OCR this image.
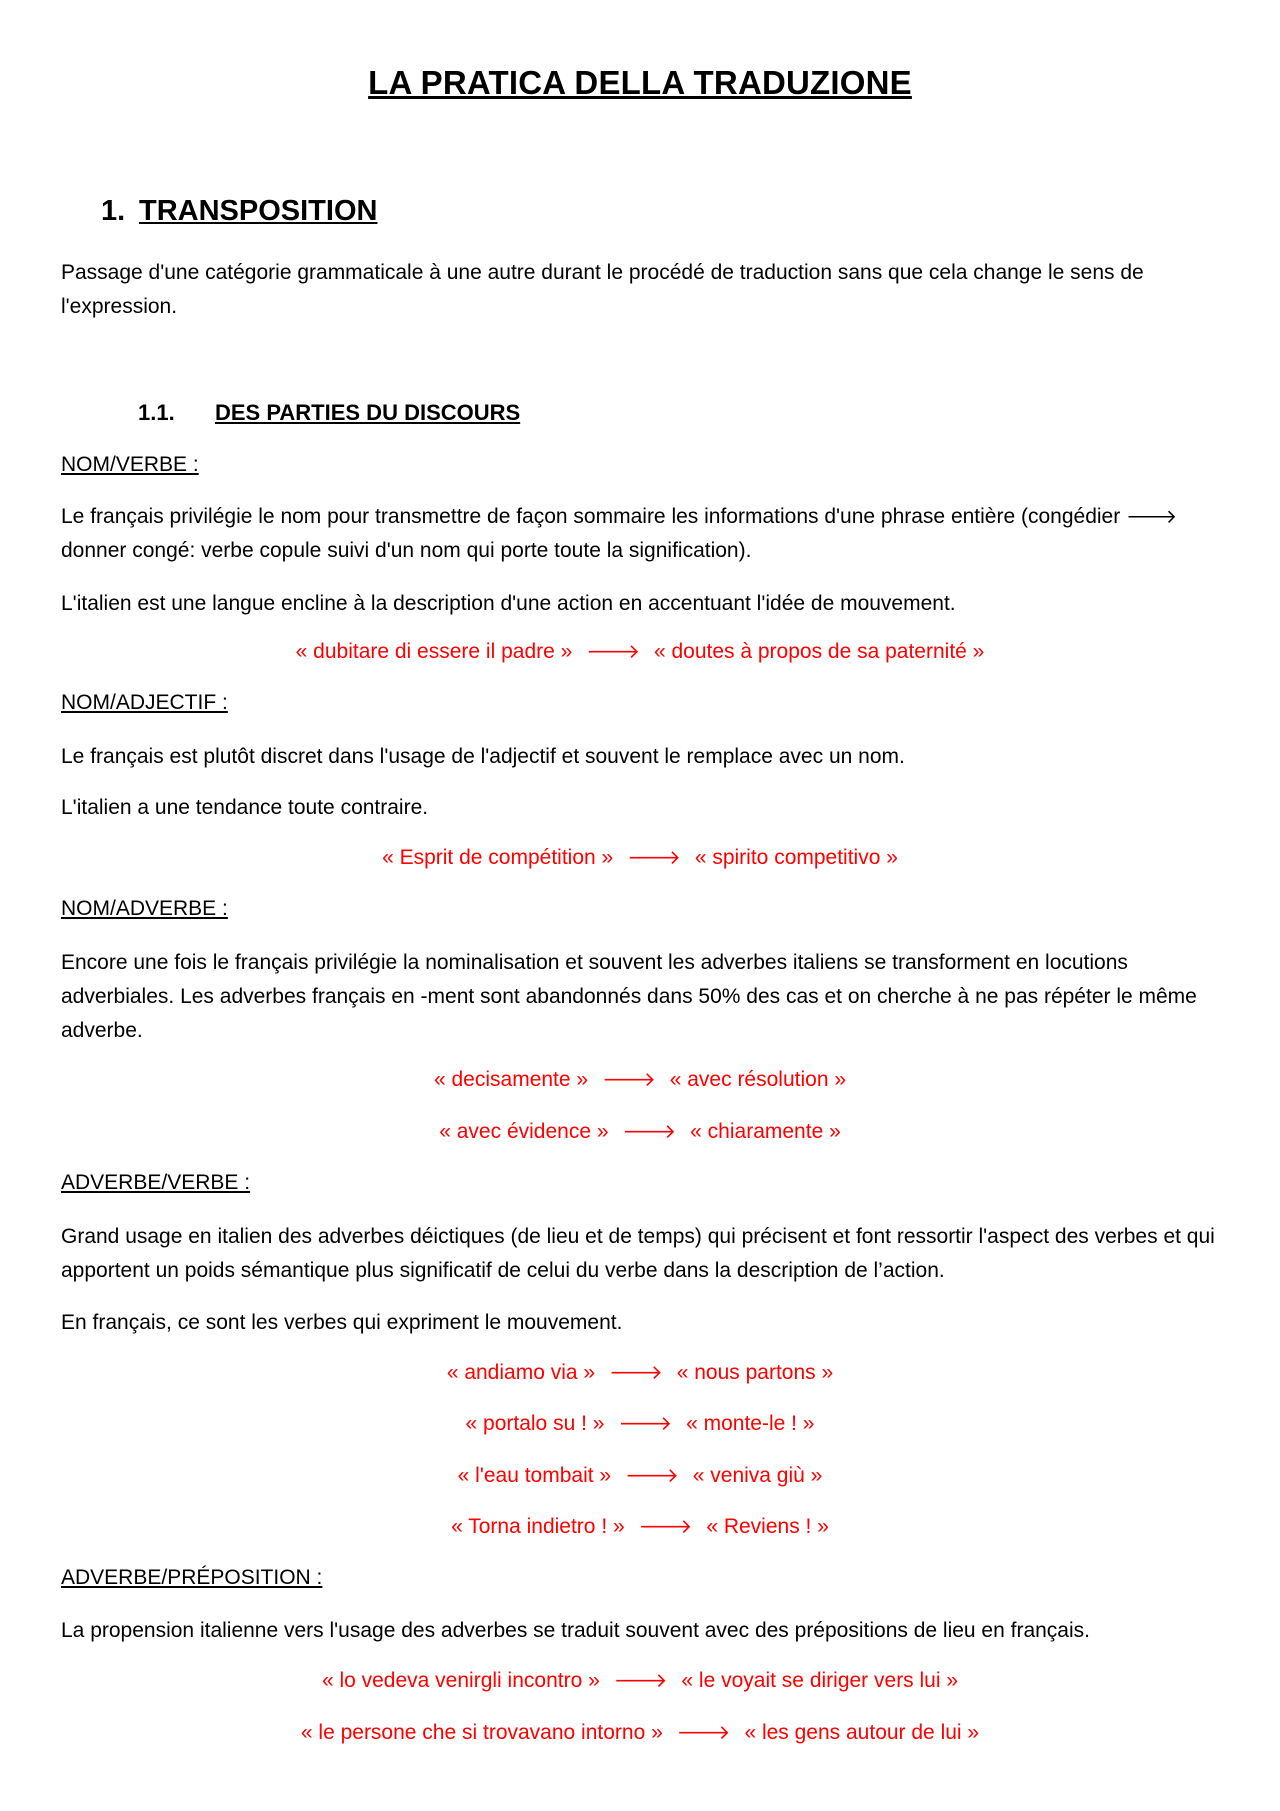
LA PRATICA DELLA TRADUZIONE
1. TRANSPOSITION
Passage d'une catégorie grammaticale à une autre durant le procédé de traduction sans que cela change le sens de l'expression.
1.1. DES PARTIES DU DISCOURS
NOM/VERBE :
Le français privilégie le nom pour transmettre de façon sommaire les informations d'une phrase entière (congédier 🡒 donner congé: verbe copule suivi d'un nom qui porte toute la signification).
L'italien est une langue encline à la description d'une action en accentuant l'idée de mouvement.
« dubitare di essere il padre » 🡒 « doutes à propos de sa paternité »
NOM/ADJECTIF :
Le français est plutôt discret dans l'usage de l'adjectif et souvent le remplace avec un nom.
L'italien a une tendance toute contraire.
« Esprit de compétition » 🡒 « spirito competitivo »
NOM/ADVERBE :
Encore une fois le français privilégie la nominalisation et souvent les adverbes italiens se transforment en locutions adverbiales. Les adverbes français en -ment sont abandonnés dans 50% des cas et on cherche à ne pas répéter le même adverbe.
« decisamente » 🡒 « avec résolution »
« avec évidence » 🡒 « chiaramente »
ADVERBE/VERBE :
Grand usage en italien des adverbes déictiques (de lieu et de temps) qui précisent et font ressortir l'aspect des verbes et qui apportent un poids sémantique plus significatif de celui du verbe dans la description de l’action.
En français, ce sont les verbes qui expriment le mouvement.
« andiamo via » 🡒 « nous partons »
« portalo su ! » 🡒 « monte-le ! »
« l'eau tombait » 🡒 « veniva giù »
« Torna indietro ! » 🡒 « Reviens ! »
ADVERBE/PRÉPOSITION :
La propension italienne vers l'usage des adverbes se traduit souvent avec des prépositions de lieu en français.
« lo vedeva venirgli incontro » 🡒 « le voyait se diriger vers lui »
« le persone che si trovavano intorno » 🡒 « les gens autour de lui »
